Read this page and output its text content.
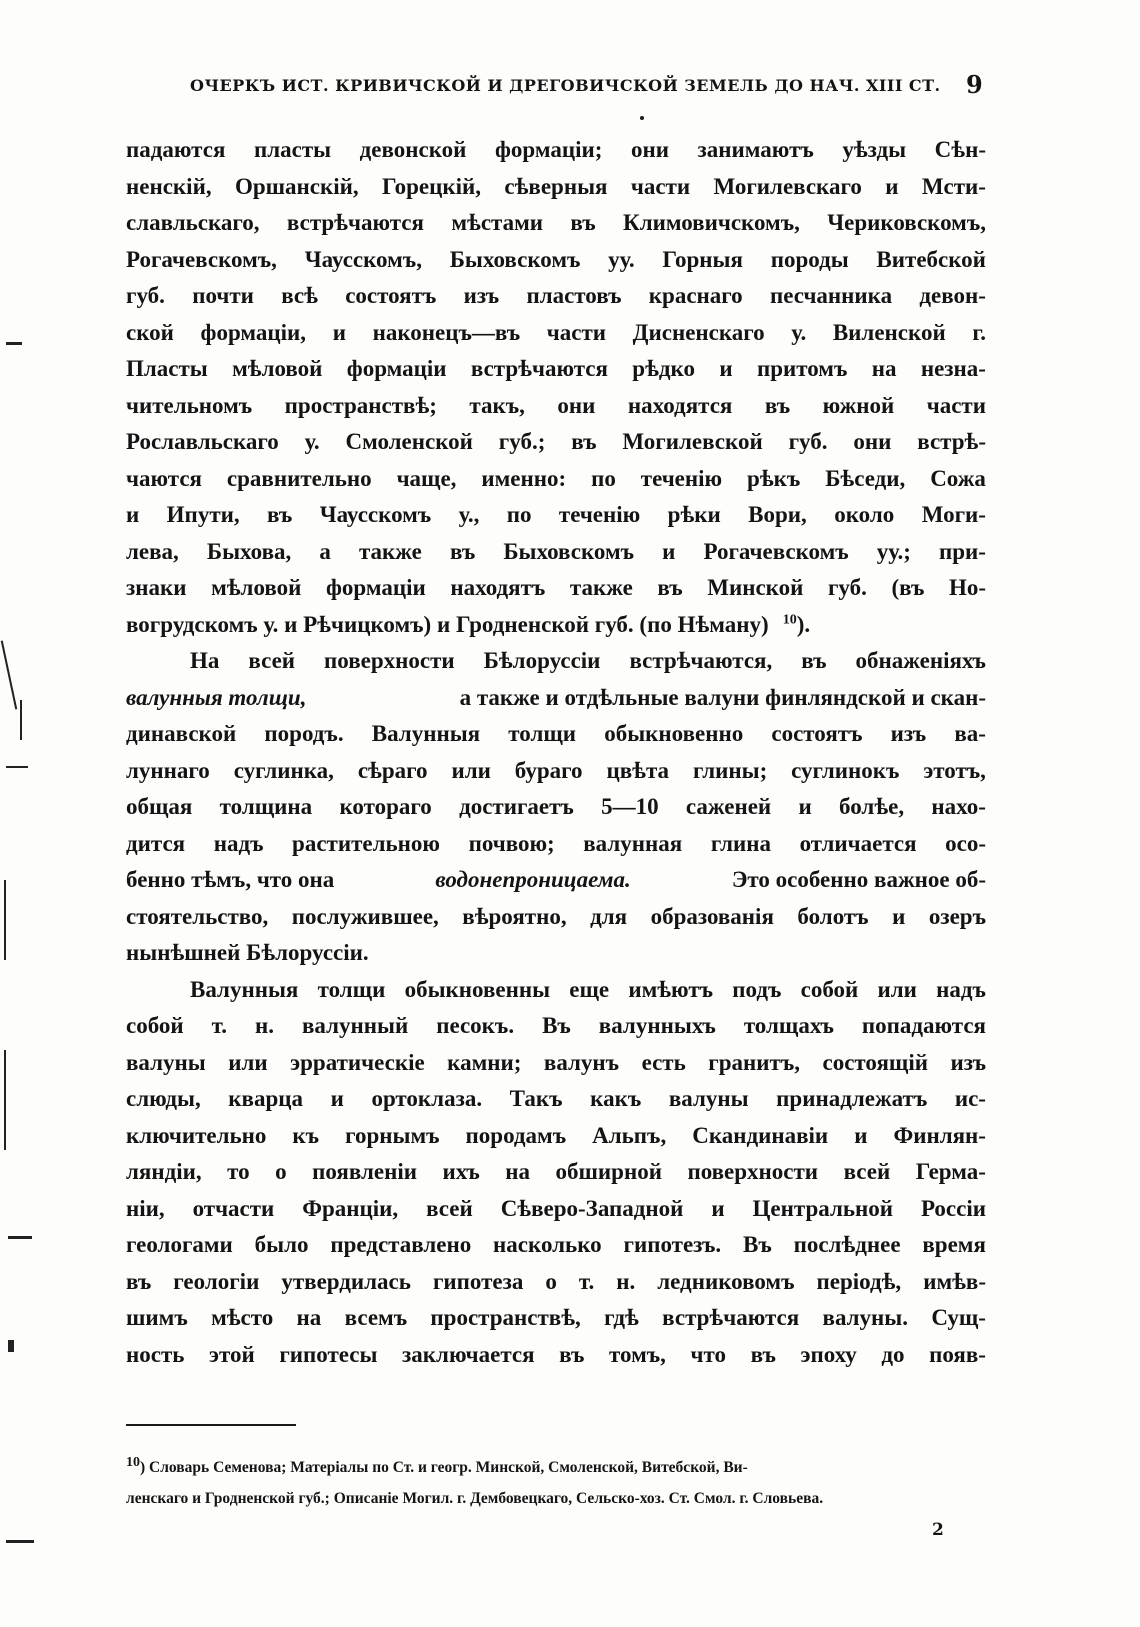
ОЧЕРКЪ ИСТ. КРИВИЧСКОЙ И ДРЕГОВИЧСКОЙ ЗЕМЕЛЬ ДО НАЧ. XIII СТ. 9
падаются пласты девонской формаціи; они занимаютъ уѣзды Сѣн-
ненскій, Оршанскій, Горецкій, сѣверныя части Могилевскаго и Мсти-
славльскаго, встрѣчаются мѣстами въ Климовичскомъ, Чериковскомъ,
Рогачевскомъ, Чаусскомъ, Быховскомъ уу. Горныя породы Витебской
губ. почти всѣ состоятъ изъ пластовъ краснаго песчанника девон-
ской формаціи, и наконецъ—въ части Дисненскаго у. Виленской г.
Пласты мѣловой формаціи встрѣчаются рѣдко и притомъ на незна-
чительномъ пространствѣ; такъ, они находятся въ южной части
Рославльскаго у. Смоленской губ.; въ Могилевской губ. они встрѣ-
чаются сравнительно чаще, именно: по теченію рѣкъ Бѣседи, Сожа
и Ипути, въ Чаусскомъ у., по теченію рѣки Вори, около Моги-
лева, Быхова, а также въ Быховскомъ и Рогачевскомъ уу.; при-
знаки мѣловой формаціи находятъ также въ Минской губ. (въ Но-
вогрудскомъ у. и Рѣчицкомъ) и Гродненской губ. (по Нѣману) $^{10}$).
На всей поверхности Бѣлоруссіи встрѣчаются, въ обнаженіяхъ
валунныя толщи,	а также и отдѣльные валуни финляндской и скан-
динавской породъ. Валунныя толщи обыкновенно состоятъ изъ ва-
луннаго суглинка, сѣраго или бураго цвѣта глины; суглинокъ этотъ,
общая толщина котораго достигаетъ 5—10 саженей и болѣе, нахо-
дится надъ растительною почвою; валунная глина отличается осо-
бенно тѣмъ, что она	водонепроницаема.	Это особенно важное об-
стоятельство, послужившее, вѣроятно, для образованія болотъ и озеръ
нынѣшней Бѣлоруссіи.
Валунныя толщи обыкновенны еще имѣютъ подъ собой или надъ
собой т. н. валунный песокъ. Въ валунныхъ толщахъ попадаются
валуны или эрратическіе камни; валунъ есть гранитъ, состоящій изъ
слюды, кварца и ортоклаза. Такъ какъ валуны принадлежатъ ис-
ключительно къ горнымъ породамъ Альпъ, Скандинавіи и Финлян-
ляндіи, то о появленіи ихъ на обширной поверхности всей Герма-
ніи, отчасти Франціи, всей Сѣверо-Западной и Центральной Россіи
геологами было представлено насколько гипотезъ. Въ послѣднее время
въ геологіи утвердилась гипотеза о т. н. ледниковомъ періодѣ, имѣв-
шимъ мѣсто на всемъ пространствѣ, гдѣ встрѣчаются валуны. Сущ-
ность этой гипотесы заключается въ томъ, что въ эпоху до появ-
$^{10}$) Словарь Семенова; Матеріалы по Ст. и геогр. Минской, Смоленской, Витебской, Ви-
ленскаго и Гродненской губ.; Описаніе Могил. г. Дембовецкаго, Сельско-хоз. Ст. Смол. г. Словьева.
2
